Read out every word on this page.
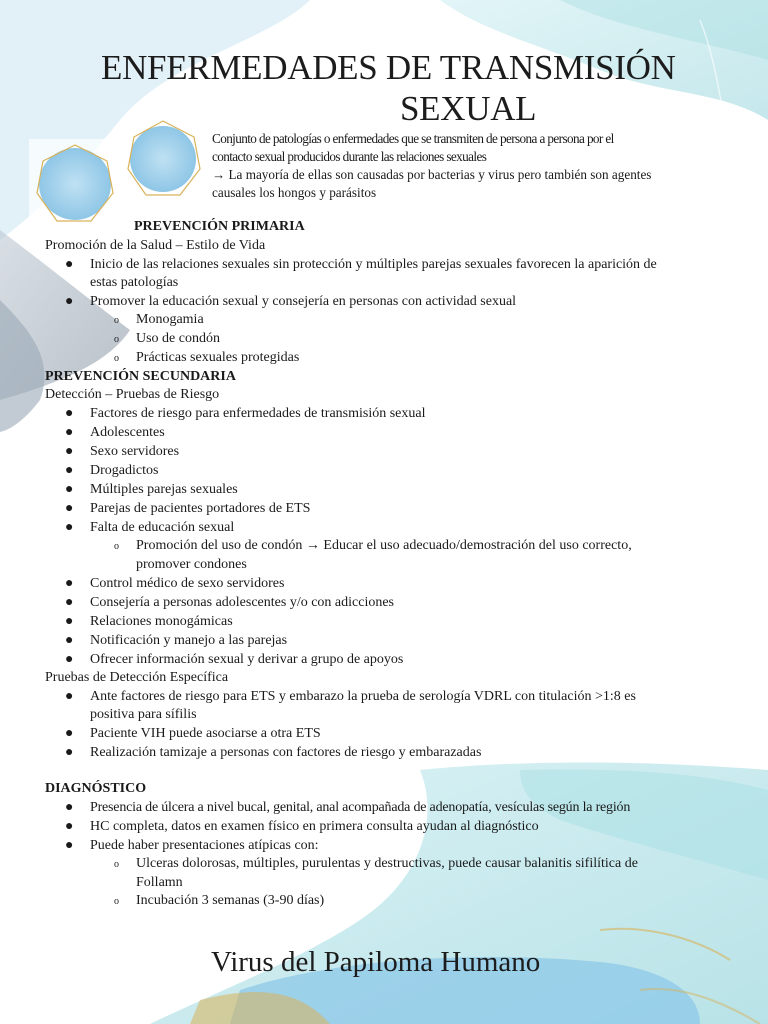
ENFERMEDADES DE TRANSMISIÓN
SEXUAL

Conjunto de patologías o enfermedades que se transmiten de persona a persona por el

contacto sexual producidos durante las relaciones sexuales

→ La mayoría de ellas son causadas por bacterias y virus pero también son agentes

causales los hongos y parásitos

PREVENCIÓN PRIMARIA
Promoción de la Salud – Estilo de Vida
● Inicio de las relaciones sexuales sin protección y múltiples parejas sexuales favorecen la aparición de
estas patologías
● Promover la educación sexual y consejería en personas con actividad sexual
o Monogamia
o Uso de condón
o Prácticas sexuales protegidas
PREVENCIÓN SECUNDARIA
Detección – Pruebas de Riesgo
● Factores de riesgo para enfermedades de transmisión sexual
● Adolescentes
● Sexo servidores
● Drogadictos
● Múltiples parejas sexuales
● Parejas de pacientes portadores de ETS
● Falta de educación sexual
o Promoción del uso de condón → Educar el uso adecuado/demostración del uso correcto,
promover condones
● Control médico de sexo servidores
● Consejería a personas adolescentes y/o con adicciones
● Relaciones monogámicas
● Notificación y manejo a las parejas
● Ofrecer información sexual y derivar a grupo de apoyos
Pruebas de Detección Específica
● Ante factores de riesgo para ETS y embarazo la prueba de serología VDRL con titulación >1:8 es
positiva para sífilis
● Paciente VIH puede asociarse a otra ETS
● Realización tamizaje a personas con factores de riesgo y embarazadas
DIAGNÓSTICO
● Presencia de úlcera a nivel bucal, genital, anal acompañada de adenopatía, vesículas según la región
● HC completa, datos en examen físico en primera consulta ayudan al diagnóstico
● Puede haber presentaciones atípicas con:
o Ulceras dolorosas, múltiples, purulentas y destructivas, puede causar balanitis sifilítica de
Follamn
o Incubación 3 semanas (3-90 días)
Virus del Papiloma Humano
